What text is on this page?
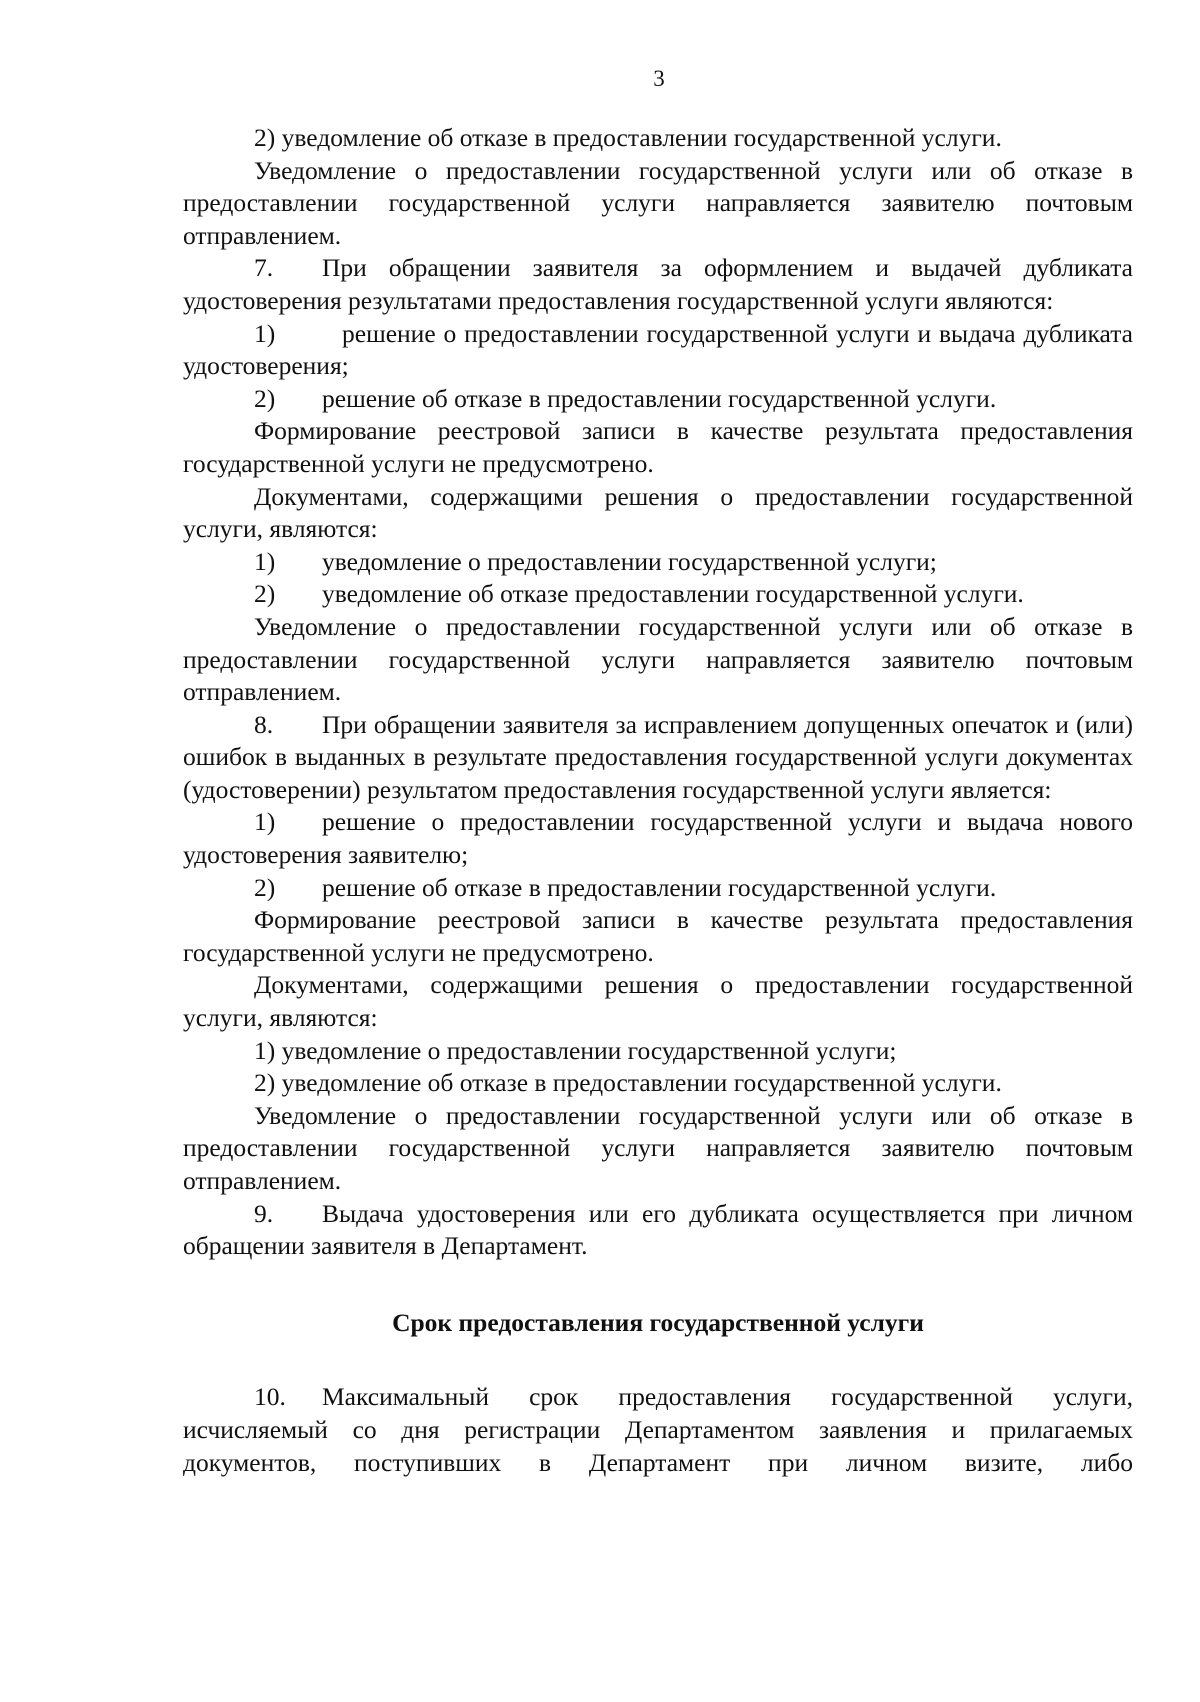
3

2) уведомление об отказе в предоставлении государственной услуги.

Уведомление о предоставлении государственной услуги или об отказе в предоставлении государственной услуги направляется заявителю почтовым отправлением.

7. При обращении заявителя за оформлением и выдачей дубликата удостоверения результатами предоставления государственной услуги являются:

1)	решение о предоставлении государственной услуги и выдача дубликата удостоверения;

2) решение об отказе в предоставлении государственной услуги.

Формирование реестровой записи в качестве результата предоставления государственной услуги не предусмотрено.

Документами, содержащими решения о предоставлении государственной услуги, являются:

1) уведомление о предоставлении государственной услуги;

2) уведомление об отказе предоставлении государственной услуги.

Уведомление о предоставлении государственной услуги или об отказе в предоставлении государственной услуги направляется заявителю почтовым отправлением.

8. При обращении заявителя за исправлением допущенных опечаток и (или) ошибок в выданных в результате предоставления государственной услуги документах (удостоверении) результатом предоставления государственной услуги является:

1) решение о предоставлении государственной услуги и выдача нового удостоверения заявителю;

2) решение об отказе в предоставлении государственной услуги.

Формирование реестровой записи в качестве результата предоставления государственной услуги не предусмотрено.

Документами, содержащими решения о предоставлении государственной услуги, являются:

1) уведомление о предоставлении государственной услуги;

2) уведомление об отказе в предоставлении государственной услуги.

Уведомление о предоставлении государственной услуги или об отказе в предоставлении государственной услуги направляется заявителю почтовым отправлением.

9. Выдача удостоверения или его дубликата осуществляется при личном обращении заявителя в Департамент.

Срок предоставления государственной услуги

10. Максимальный срок предоставления государственной услуги, исчисляемый со дня регистрации Департаментом заявления и прилагаемых документов, поступивших в Департамент при личном визите, либо
